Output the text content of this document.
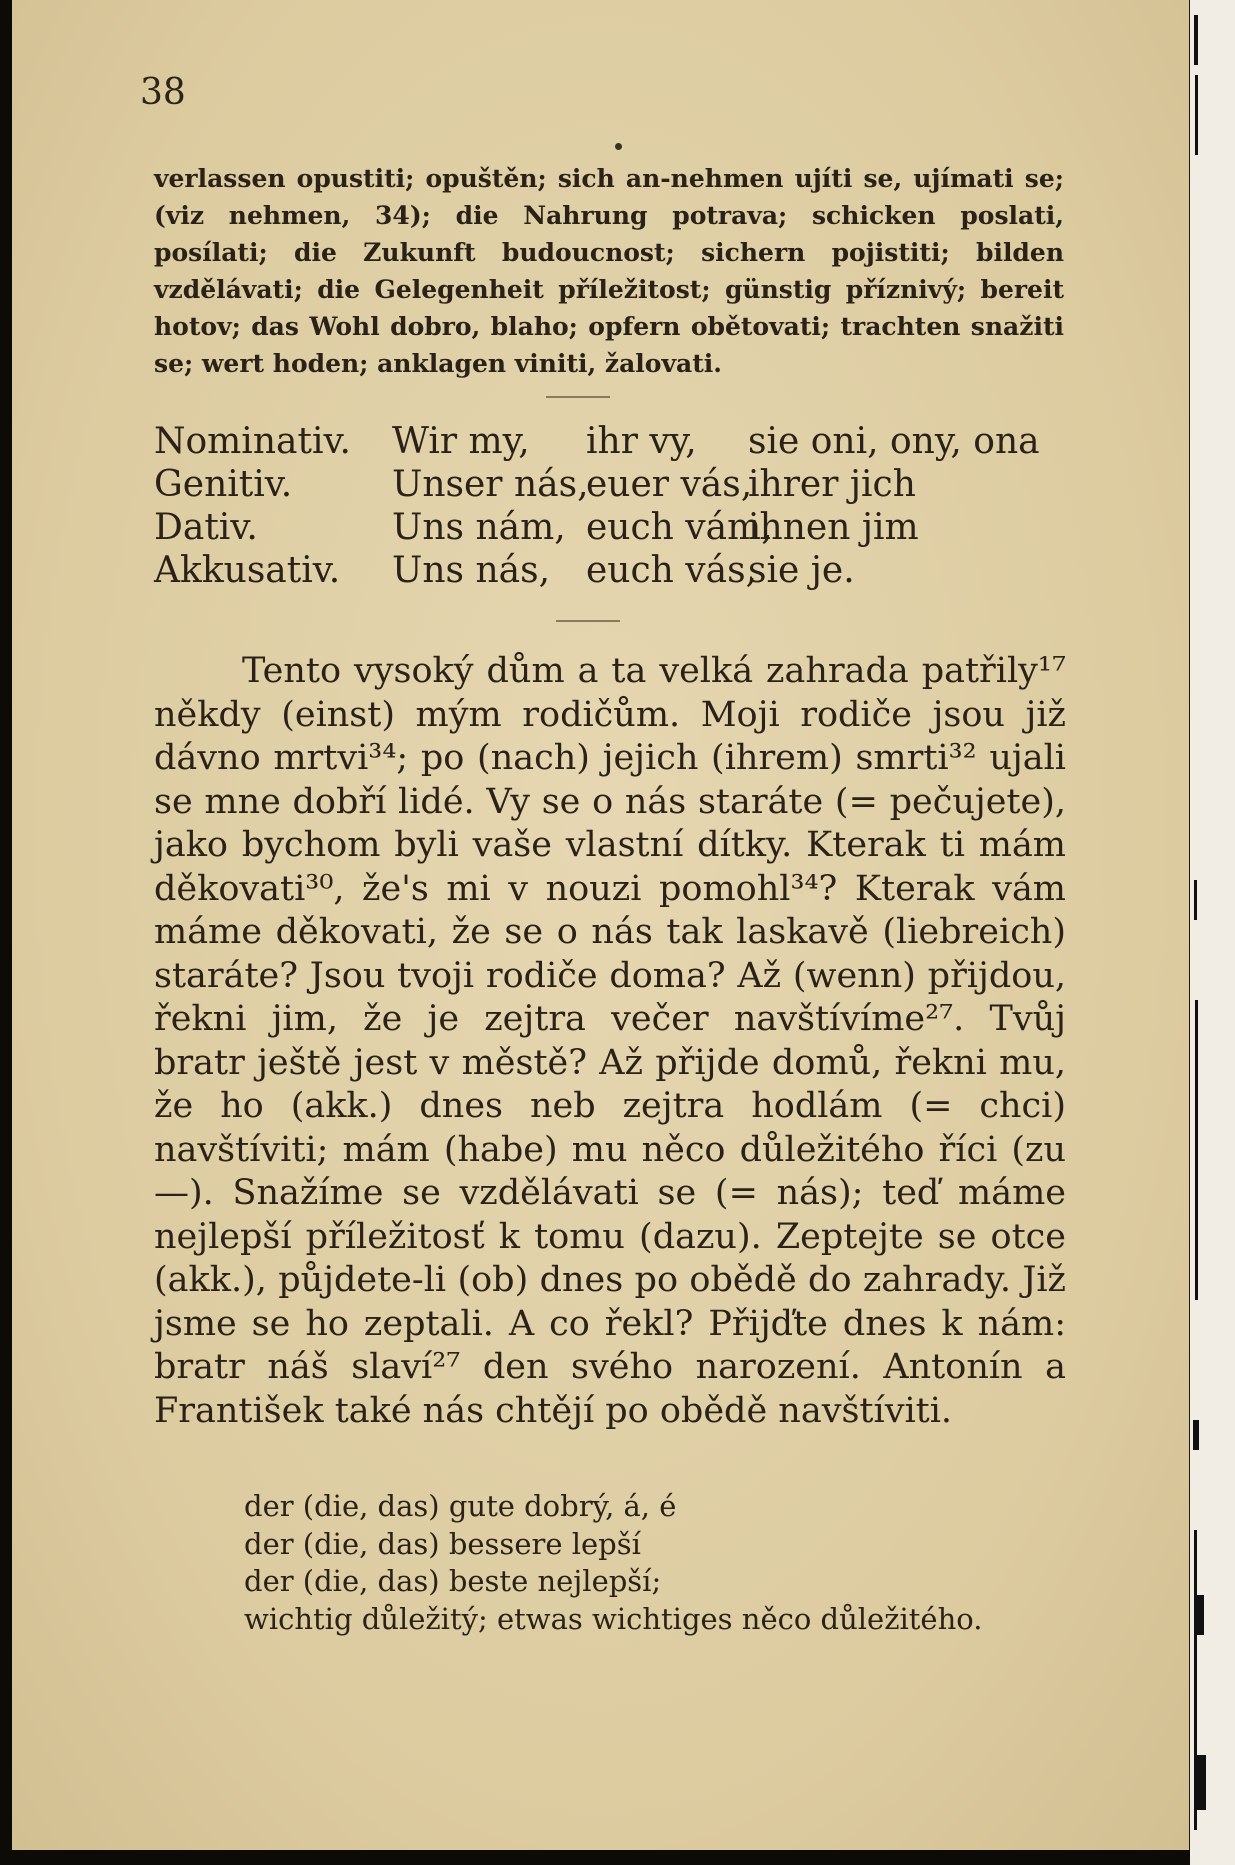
38
verlassen opustiti; opuštěn; sich an-nehmen ujíti se, ujímati se; (viz nehmen, 34); die Nahrung potrava; schicken poslati, posílati; die Zukunft budoucnost; sichern pojistiti; bilden vzdělávati; die Gelegenheit příležitost; günstig příznivý; bereit hotov; das Wohl dobro, blaho; opfern obětovati; trachten snažiti se; wert hoden; anklagen viniti, žalovati.
Nominativ. Wir my, ihr vy, sie oni, ony, ona
Genitiv.	Unser nás,
euer vás,
ihrer jich
Dativ.	Uns nám, euch vám,
ihnen jim
Akkusativ. Uns nás, euch vás,
sie je.
Tento vysoký dům a ta velká zahrada patřily¹⁷ někdy (einst) mým rodičům. Moji rodiče jsou již dávno mrtvi³⁴; po (nach) jejich (ihrem) smrti³² ujali se mne dobří lidé. Vy se o nás staráte (= pečujete), jako bychom byli vaše vlastní dítky. Kterak ti mám děkovati³⁰, že's mi v nouzi pomohl³⁴? Kterak vám máme děkovati, že se o nás tak laskavě (liebreich) staráte? Jsou tvoji rodiče doma? Až (wenn) přijdou, řekni jim, že je zejtra večer navštívíme²⁷. Tvůj bratr ještě jest v městě? Až přijde domů, řekni mu, že ho (akk.) dnes neb zejtra hodlám (= chci) navštíviti; mám (habe) mu něco důležitého říci (zu—). Snažíme se vzdělávati se (= nás); teď máme nejlepší příležitosť k tomu (dazu). Zeptejte se otce (akk.), půjdete-li (ob) dnes po obědě do zahrady. Již jsme se ho zeptali. A co řekl? Přijďte dnes k nám: bratr náš slaví²⁷ den svého narození. Antonín a František také nás chtějí po obědě navštíviti.
der (die, das) gute dobrý, á, é
der (die, das) bessere lepší
der (die, das) beste nejlepší;
wichtig důležitý; etwas wichtiges něco důležitého.
